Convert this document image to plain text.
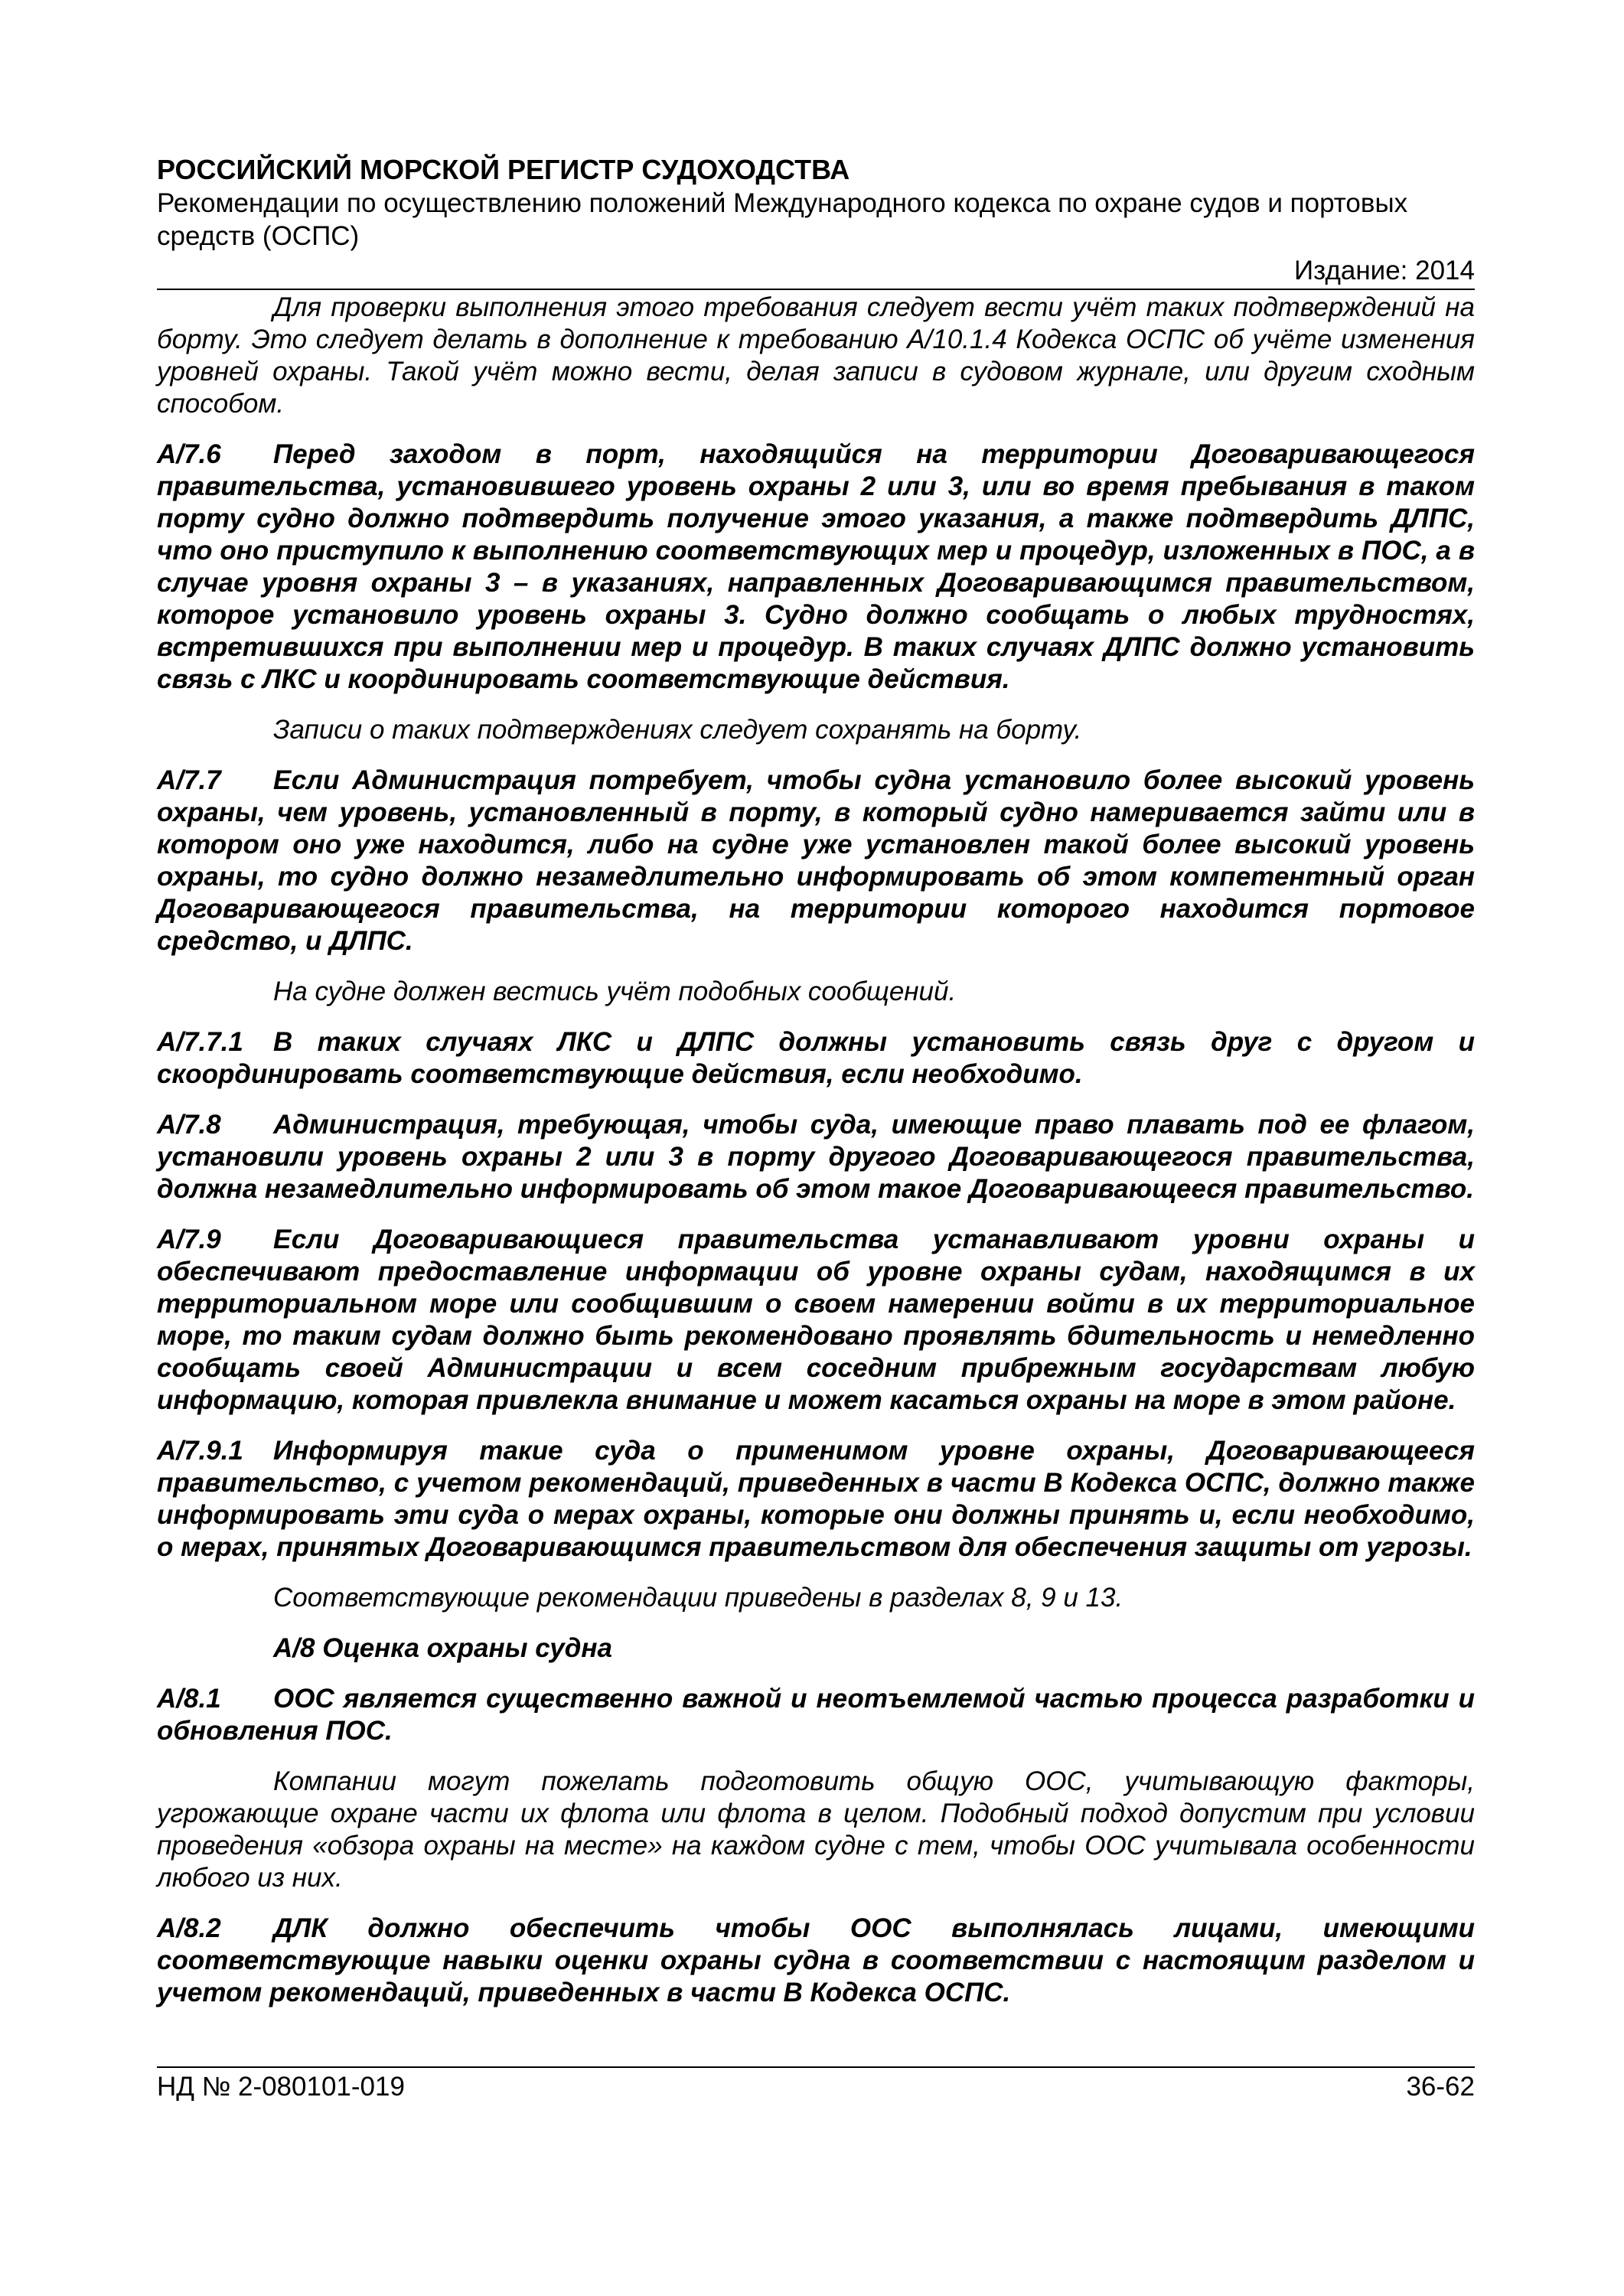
РОССИЙСКИЙ МОРСКОЙ РЕГИСТР СУДОХОДСТВА
Рекомендации по осуществлению положений Международного кодекса по охране судов и портовых средств (ОСПС)
Издание: 2014

Для проверки выполнения этого требования следует вести учёт таких подтверждений на борту. Это следует делать в дополнение к требованию A/10.1.4 Кодекса ОСПС об учёте изменения уровней охраны. Такой учёт можно вести, делая записи в судовом журнале, или другим сходным способом.

A/7.6 Перед заходом в порт, находящийся на территории Договаривающегося правительства, установившего уровень охраны 2 или 3, или во время пребывания в таком порту судно должно подтвердить получение этого указания, а также подтвердить ДЛПС, что оно приступило к выполнению соответствующих мер и процедур, изложенных в ПОС, а в случае уровня охраны 3 – в указаниях, направленных Договаривающимся правительством, которое установило уровень охраны 3. Судно должно сообщать о любых трудностях, встретившихся при выполнении мер и процедур. В таких случаях ДЛПС должно установить связь с ЛКС и координировать соответствующие действия.

Записи о таких подтверждениях следует сохранять на борту.

A/7.7 Если Администрация потребует, чтобы судна установило более высокий уровень охраны, чем уровень, установленный в порту, в который судно намеривается зайти или в котором оно уже находится, либо на судне уже установлен такой более высокий уровень охраны, то судно должно незамедлительно информировать об этом компетентный орган Договаривающегося правительства, на территории которого находится портовое средство, и ДЛПС.

На судне должен вестись учёт подобных сообщений.

A/7.7.1 В таких случаях ЛКС и ДЛПС должны установить связь друг с другом и скоординировать соответствующие действия, если необходимо.

A/7.8 Администрация, требующая, чтобы суда, имеющие право плавать под ее флагом, установили уровень охраны 2 или 3 в порту другого Договаривающегося правительства, должна незамедлительно информировать об этом такое Договаривающееся правительство.

A/7.9 Если Договаривающиеся правительства устанавливают уровни охраны и обеспечивают предоставление информации об уровне охраны судам, находящимся в их территориальном море или сообщившим о своем намерении войти в их территориальное море, то таким судам должно быть рекомендовано проявлять бдительность и немедленно сообщать своей Администрации и всем соседним прибрежным государствам любую информацию, которая привлекла внимание и может касаться охраны на море в этом районе.

A/7.9.1 Информируя такие суда о применимом уровне охраны, Договаривающееся правительство, с учетом рекомендаций, приведенных в части В Кодекса ОСПС, должно также информировать эти суда о мерах охраны, которые они должны принять и, если необходимо, о мерах, принятых Договаривающимся правительством для обеспечения защиты от угрозы.

Соответствующие рекомендации приведены в разделах 8, 9 и 13.

A/8 Оценка охраны судна

A/8.1 ООС является существенно важной и неотъемлемой частью процесса разработки и обновления ПОС.

Компании могут пожелать подготовить общую ООС, учитывающую факторы, угрожающие охране части их флота или флота в целом. Подобный подход допустим при условии проведения «обзора охраны на месте» на каждом судне с тем, чтобы ООС учитывала особенности любого из них.

A/8.2 ДЛК должно обеспечить чтобы ООС выполнялась лицами, имеющими соответствующие навыки оценки охраны судна в соответствии с настоящим разделом и учетом рекомендаций, приведенных в части В Кодекса ОСПС.

НД № 2-080101-019	36-62
